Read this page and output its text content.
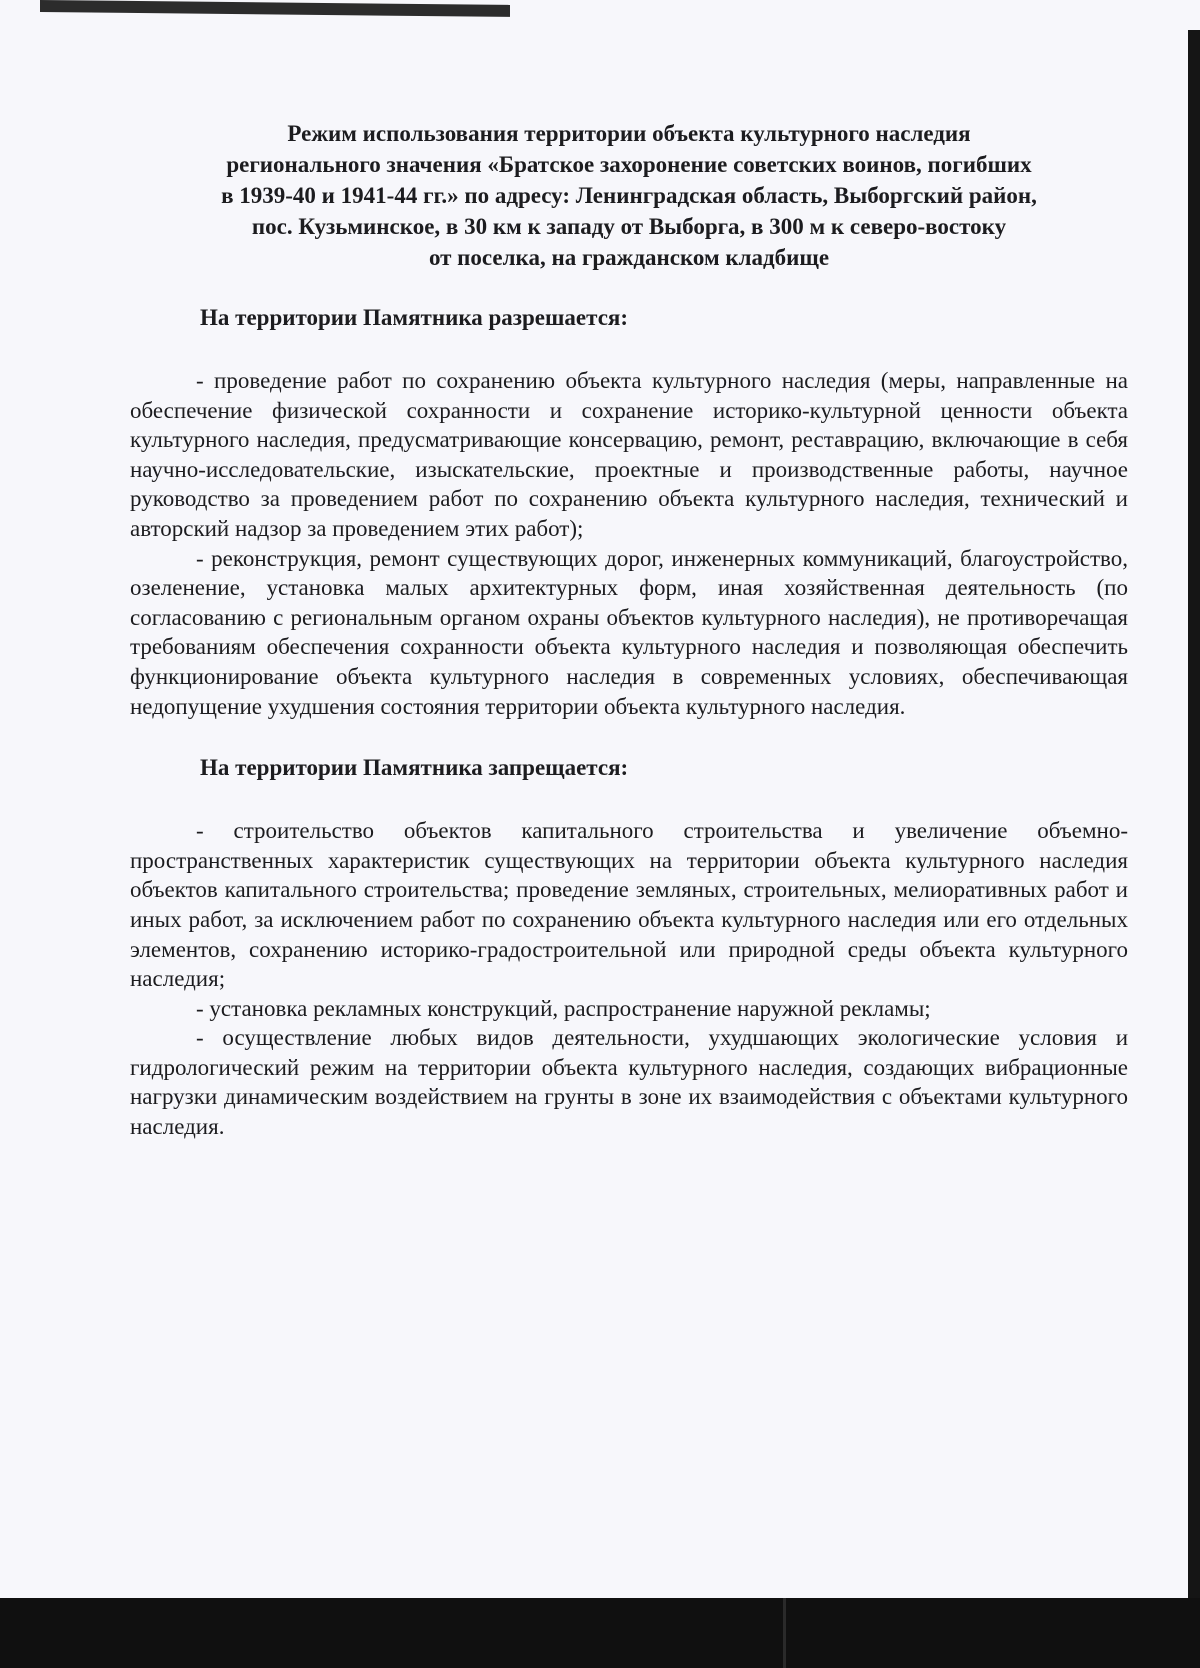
Режим использования территории объекта культурного наследия
регионального значения «Братское захоронение советских воинов, погибших
в 1939-40 и 1941-44 гг.» по адресу: Ленинградская область, Выборгский район,
пос. Кузьминское, в 30 км к западу от Выборга, в 300 м к северо-востоку
от поселка, на гражданском кладбище
На территории Памятника разрешается:

- проведение работ по сохранению объекта культурного наследия (меры, направленные на обеспечение физической сохранности и сохранение историко-культурной ценности объекта культурного наследия, предусматривающие консервацию, ремонт, реставрацию, включающие в себя научно-исследовательские, изыскательские, проектные и производственные работы, научное руководство за проведением работ по сохранению объекта культурного наследия, технический и авторский надзор за проведением этих работ);

- реконструкция, ремонт существующих дорог, инженерных коммуникаций, благоустройство, озеленение, установка малых архитектурных форм, иная хозяйственная деятельность (по согласованию с региональным органом охраны объектов культурного наследия), не противоречащая требованиям обеспечения сохранности объекта культурного наследия и позволяющая обеспечить функционирование объекта культурного наследия в современных условиях, обеспечивающая недопущение ухудшения состояния территории объекта культурного наследия.

На территории Памятника запрещается:

- строительство объектов капитального строительства и увеличение объемно-пространственных характеристик существующих на территории объекта культурного наследия объектов капитального строительства; проведение земляных, строительных, мелиоративных работ и иных работ, за исключением работ по сохранению объекта культурного наследия или его отдельных элементов, сохранению историко-градостроительной или природной среды объекта культурного наследия;

- установка рекламных конструкций, распространение наружной рекламы;

- осуществление любых видов деятельности, ухудшающих экологические условия и гидрологический режим на территории объекта культурного наследия, создающих вибрационные нагрузки динамическим воздействием на грунты в зоне их взаимодействия с объектами культурного наследия.
